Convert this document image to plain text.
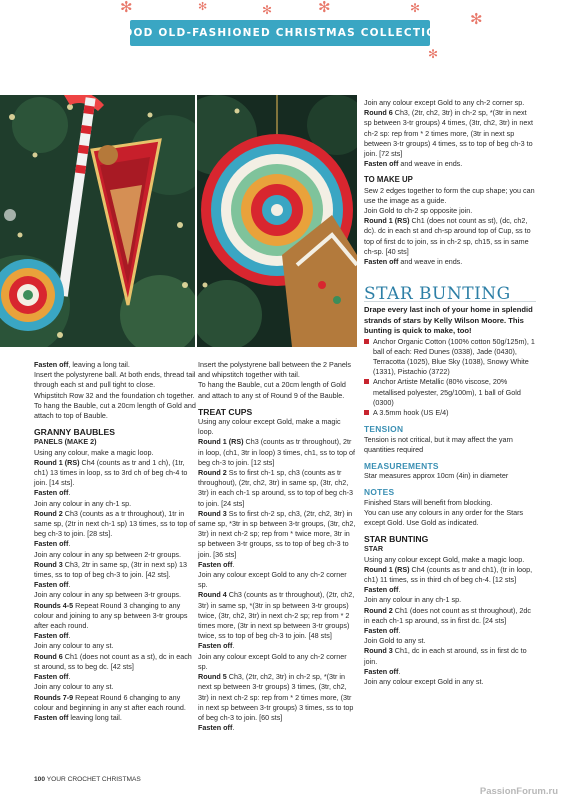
✻	✻	✻	✻	✻
✻
✻
GOOD OLD-FASHIONED CHRISTMAS COLLECTION

Fasten off, leaving a long tail.

Insert the polystyrene ball. At both ends, thread tail through each st and pull tight to close.

Whipstitch Row 32 and the foundation ch together.

To hang the Bauble, cut a 20cm length of Gold and attach to top of Bauble.

GRANNY BAUBLES

PANELS (MAKE 2)

Using any colour, make a magic loop.

Round 1 (RS) Ch4 (counts as tr and 1 ch), (1tr, ch1) 13 times in loop, ss to 3rd ch of beg ch-4 to join. [14 sts].

Fasten off.

Join any colour in any ch-1 sp.

Round 2 Ch3 (counts as a tr throughout), 1tr in same sp, (2tr in next ch-1 sp) 13 times, ss to top of beg ch-3 to join. [28 sts].

Fasten off.

Join any colour in any sp between 2-tr groups.

Round 3 Ch3, 2tr in same sp, (3tr in next sp) 13 times, ss to top of beg ch-3 to join. [42 sts].

Fasten off.

Join any colour in any sp between 3-tr groups.

Rounds 4-5 Repeat Round 3 changing to any colour and joining to any sp between 3-tr groups after each round.

Fasten off.

Join any colour to any st.

Round 6 Ch1 (does not count as a st), dc in each st around, ss to beg dc. [42 sts]

Fasten off.

Join any colour to any st.

Rounds 7-9 Repeat Round 6 changing to any colour and beginning in any st after each round.

Fasten off leaving long tail.

Insert the polystyrene ball between the 2 Panels and whipstitch together with tail.

To hang the Bauble, cut a 20cm length of Gold and attach to any st of Round 9 of the Bauble.

TREAT CUPS

Using any colour except Gold, make a magic loop.

Round 1 (RS) Ch3 (counts as tr throughout), 2tr in loop, (ch1, 3tr in loop) 3 times, ch1, ss to top of beg ch-3 to join. [12 sts]

Round 2 Ss to first ch-1 sp, ch3 (counts as tr throughout), (2tr, ch2, 3tr) in same sp, (3tr, ch2, 3tr) in each ch-1 sp around, ss to top of beg ch-3 to join. [24 sts]

Round 3 Ss to first ch-2 sp, ch3, (2tr, ch2, 3tr) in same sp, *3tr in sp between 3-tr groups, (3tr, ch2, 3tr) in next ch-2 sp; rep from * twice more, 3tr in sp between 3-tr groups, ss to top of beg ch-3 to join. [36 sts]

Fasten off.

Join any colour except Gold to any ch-2 corner sp.

Round 4 Ch3 (counts as tr throughout), (2tr, ch2, 3tr) in same sp, *(3tr in sp between 3-tr groups) twice, (3tr, ch2, 3tr) in next ch-2 sp; rep from * 2 times more, (3tr in next sp between 3-tr groups) twice, ss to top of beg ch-3 to join. [48 sts]

Fasten off.

Join any colour except Gold to any ch-2 corner sp.

Round 5 Ch3, (2tr, ch2, 3tr) in ch-2 sp, *(3tr in next sp between 3-tr groups) 3 times, (3tr, ch2, 3tr) in next ch-2 sp: rep from * 2 times more, (3tr in next sp between 3-tr groups) 3 times, ss to top of beg ch-3 to join. [60 sts]

Fasten off.

Join any colour except Gold to any ch-2 corner sp.

Round 6 Ch3, (2tr, ch2, 3tr) in ch-2 sp, *(3tr in next sp between 3-tr groups) 4 times, (3tr, ch2, 3tr) in next ch-2 sp: rep from * 2 times more, (3tr in next sp between 3-tr groups) 4 times, ss to top of beg ch-3 to join. [72 sts]

Fasten off and weave in ends.

TO MAKE UP

Sew 2 edges together to form the cup shape; you can use the image as a guide.

Join Gold to ch-2 sp opposite join.

Round 1 (RS) Ch1 (does not count as st), (dc, ch2, dc). dc in each st and ch-sp around top of Cup, ss to top of first dc to join, ss in ch-2 sp, ch15, ss in same ch-sp. [40 sts]

Fasten off and weave in ends.

STAR BUNTING

Drape every last inch of your home in splendid strands of stars by Kelly Wilson Moore. This bunting is quick to make, too!

Anchor Organic Cotton (100% cotton 50g/125m), 1 ball of each: Red Dunes (0338), Jade (0430), Terracotta (1025), Blue Sky (1038), Snowy White (1331), Pistachio (3722)

Anchor Artiste Metallic (80% viscose, 20% metallised polyester, 25g/100m), 1 ball of Gold (0300)

A 3.5mm hook (US E/4)

TENSION

Tension is not critical, but it may affect the yarn quantities required

MEASUREMENTS

Star measures approx 10cm (4in) in diameter

NOTES

Finished Stars will benefit from blocking.

You can use any colours in any order for the Stars except Gold. Use Gold as indicated.

STAR BUNTING

STAR

Using any colour except Gold, make a magic loop.

Round 1 (RS) Ch4 (counts as tr and ch1), (tr in loop, ch1) 11 times, ss in third ch of beg ch-4. [12 sts]

Fasten off.

Join any colour in any ch-1 sp.

Round 2 Ch1 (does not count as st throughout), 2dc in each ch-1 sp around, ss in first dc. [24 sts]

Fasten off.

Join Gold to any st.

Round 3 Ch1, dc in each st around, ss in first dc to join.

Fasten off.

Join any colour except Gold in any st.

100 YOUR CROCHET CHRISTMAS
PassionForum.ru
